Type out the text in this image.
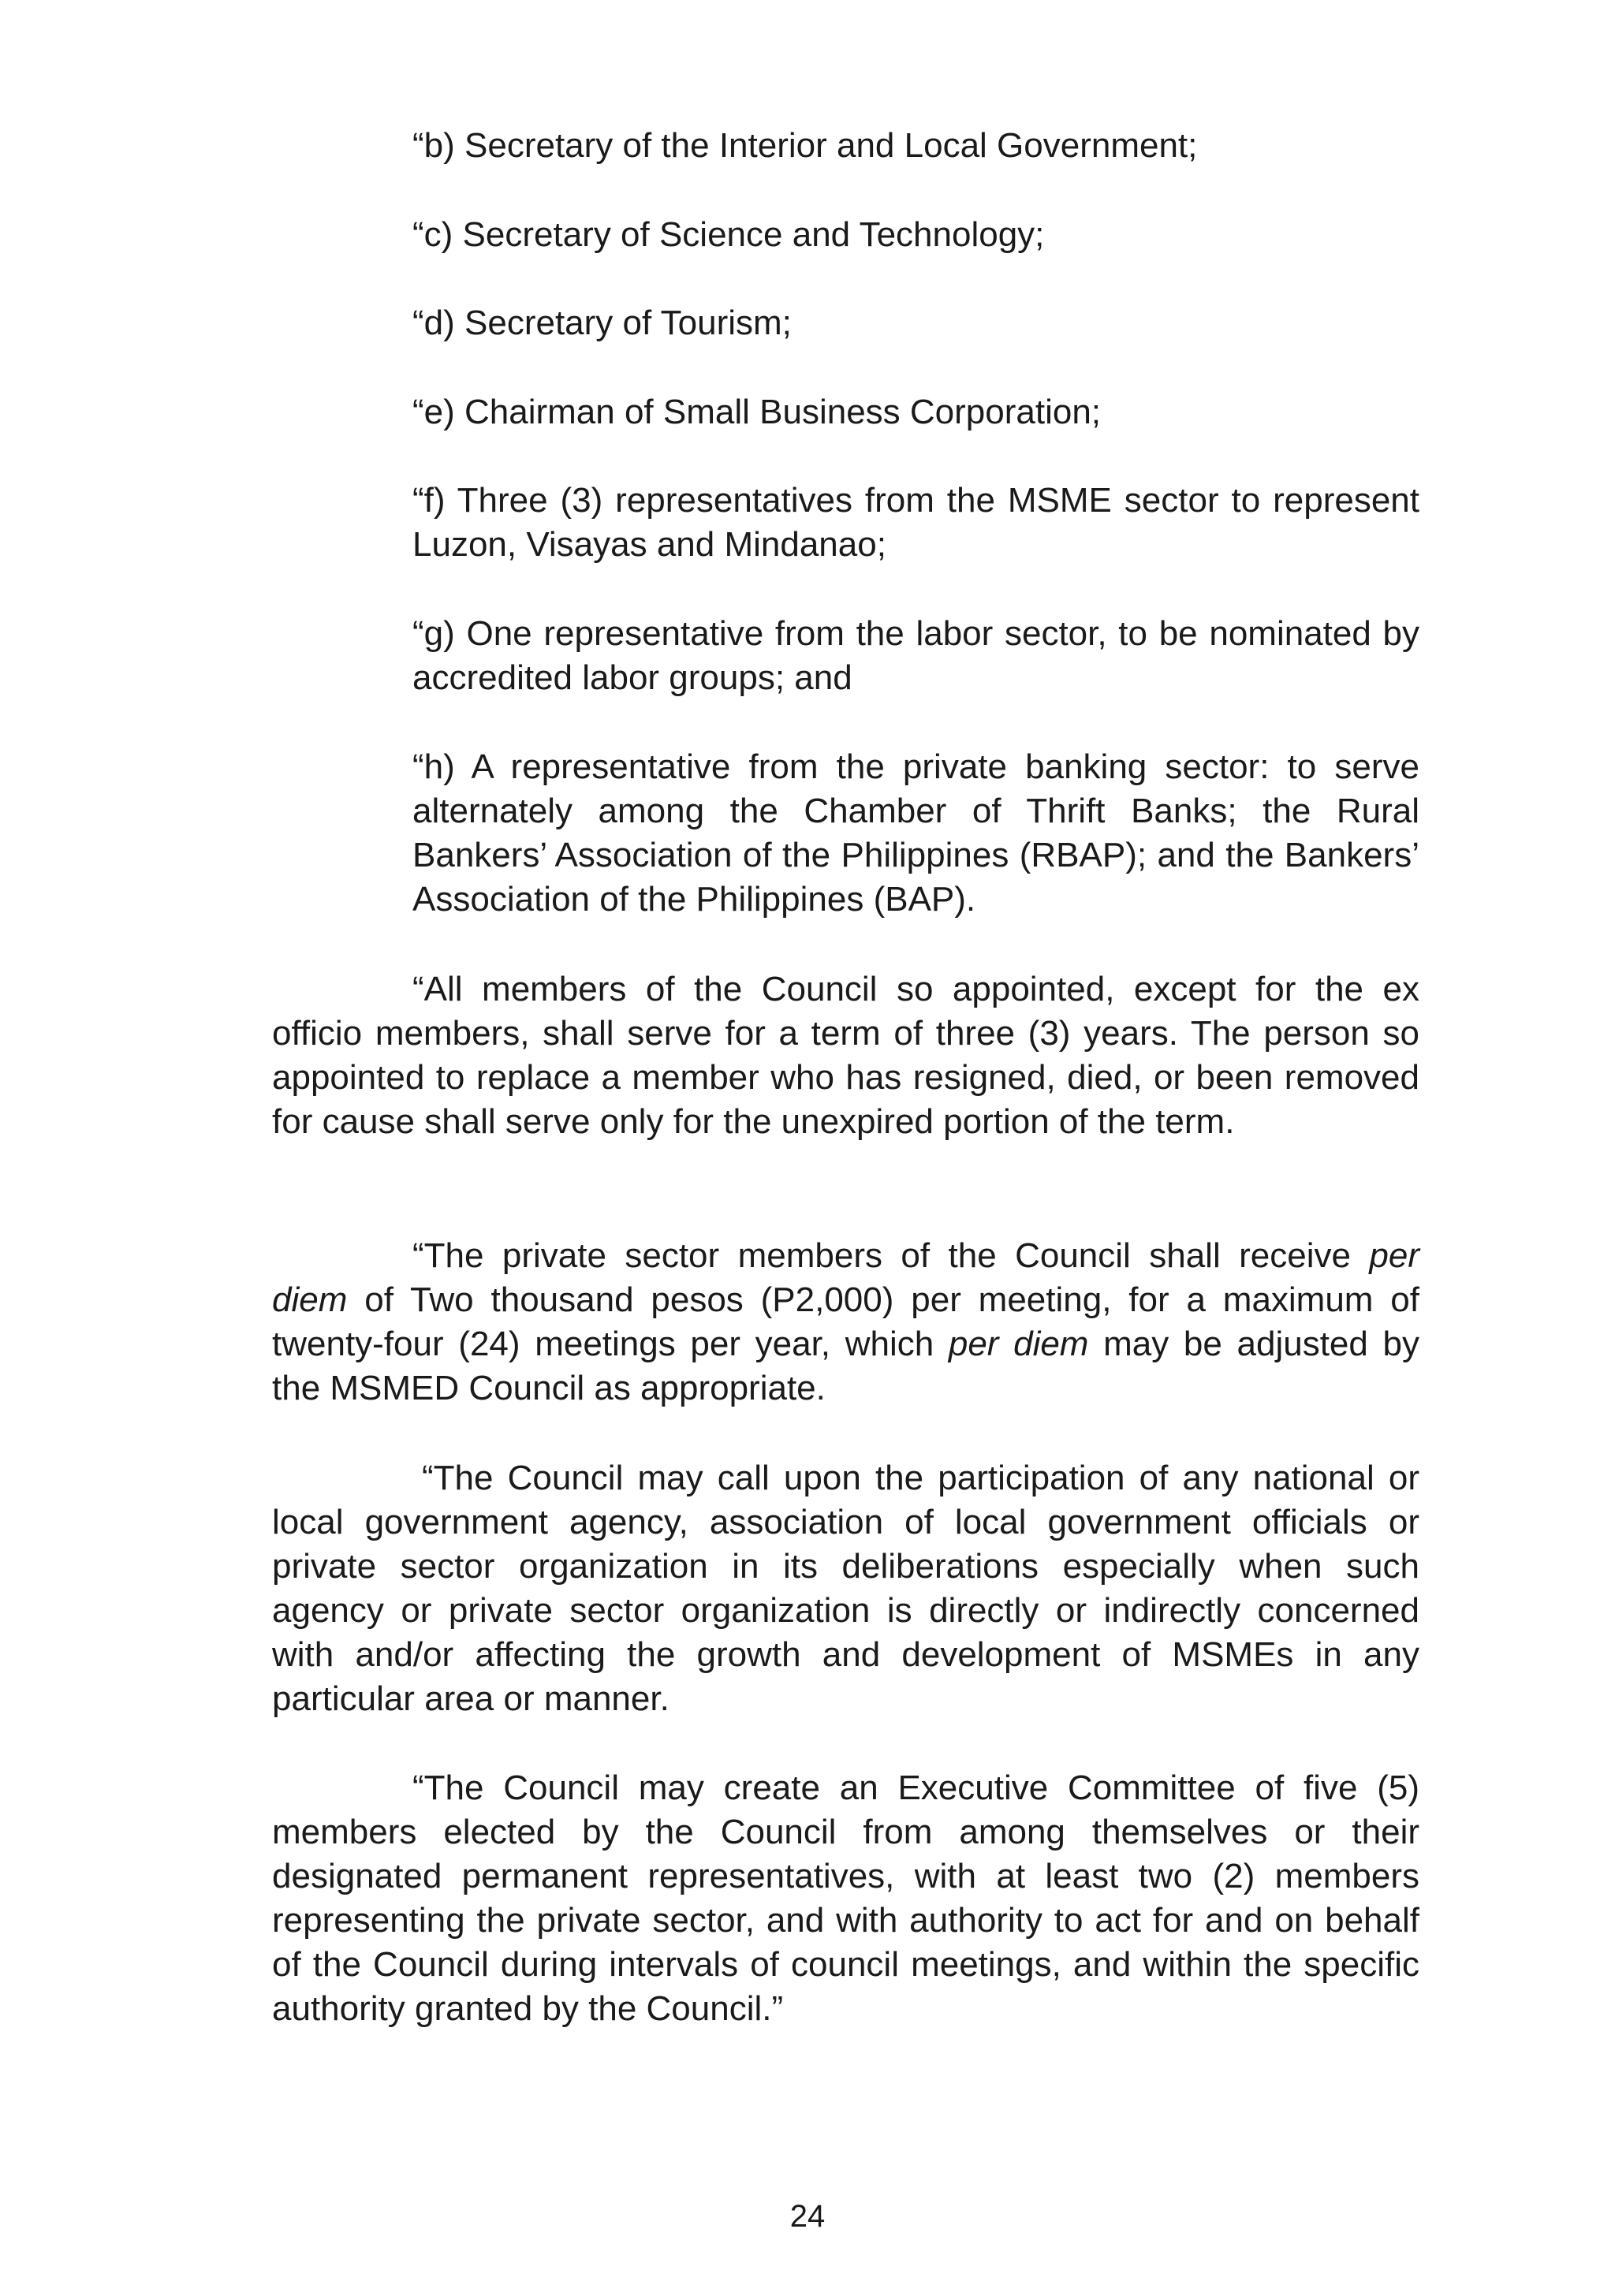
“b) Secretary of the Interior and Local Government;

“c) Secretary of Science and Technology;

“d) Secretary of Tourism;

“e) Chairman of Small Business Corporation;

“f) Three (3) representatives from the MSME sector to represent Luzon, Visayas and Mindanao;

“g) One representative from the labor sector, to be nominated by accredited labor groups; and

“h) A representative from the private banking sector: to serve alternately among the Chamber of Thrift Banks; the Rural Bankers’ Association of the Philippines (RBAP); and the Bankers’ Association of the Philippines (BAP).

“All members of the Council so appointed, except for the ex officio members, shall serve for a term of three (3) years. The person so appointed to replace a member who has resigned, died, or been removed for cause shall serve only for the unexpired portion of the term.

“The private sector members of the Council shall receive per diem of Two thousand pesos (P2,000) per meeting, for a maximum of twenty-four (24) meetings per year, which per diem may be adjusted by the MSMED Council as appropriate.

“The Council may call upon the participation of any national or local government agency, association of local government officials or private sector organization in its deliberations especially when such agency or private sector organization is directly or indirectly concerned with and/or affecting the growth and development of MSMEs in any particular area or manner.

“The Council may create an Executive Committee of five (5) members elected by the Council from among themselves or their designated permanent representatives, with at least two (2) members representing the private sector, and with authority to act for and on behalf of the Council during intervals of council meetings, and within the specific authority granted by the Council.”

24
